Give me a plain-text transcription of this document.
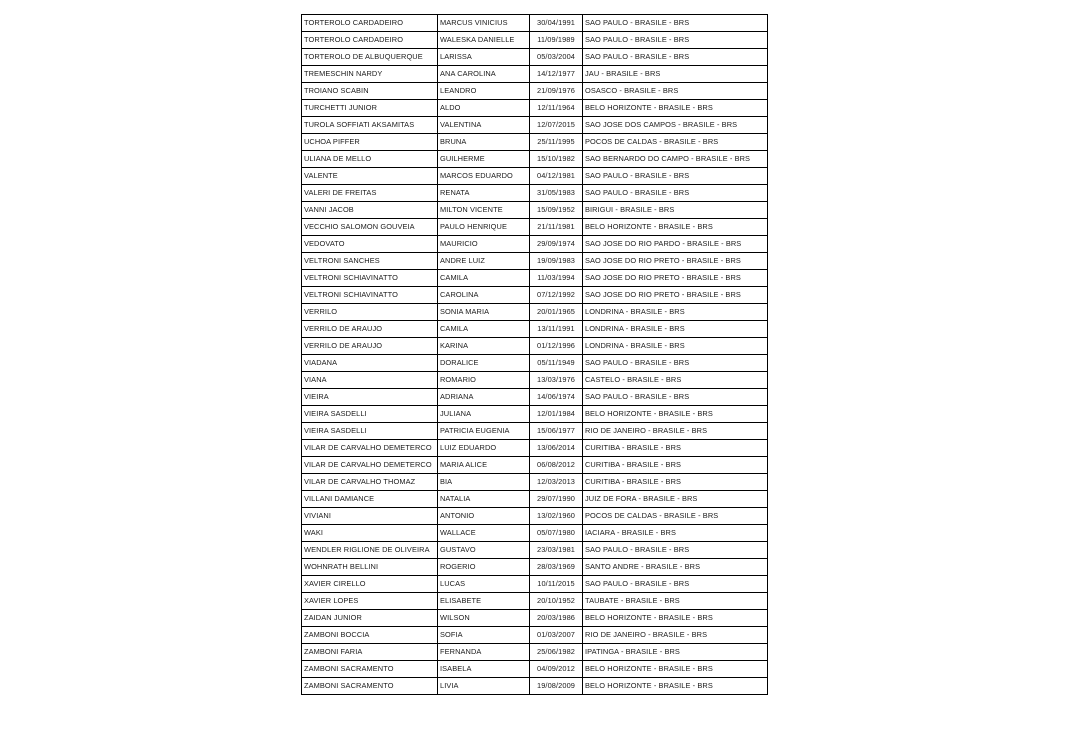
TORTEROLO CARDADEIRO	MARCUS VINICIUS	30/04/1991	SAO PAULO - BRASILE - BRS
TORTEROLO CARDADEIRO	WALESKA DANIELLE	11/09/1989	SAO PAULO - BRASILE - BRS
TORTEROLO DE ALBUQUERQUE	LARISSA	05/03/2004	SAO PAULO - BRASILE - BRS
TREMESCHIN NARDY	ANA CAROLINA	14/12/1977	JAU - BRASILE - BRS
TROIANO SCABIN	LEANDRO	21/09/1976	OSASCO - BRASILE - BRS
TURCHETTI JUNIOR	ALDO	12/11/1964	BELO HORIZONTE - BRASILE - BRS
TUROLA SOFFIATI AKSAMITAS	VALENTINA	12/07/2015	SAO JOSE DOS CAMPOS - BRASILE - BRS
UCHOA PIFFER	BRUNA	25/11/1995	POCOS DE CALDAS - BRASILE - BRS
ULIANA DE MELLO	GUILHERME	15/10/1982	SAO BERNARDO DO CAMPO - BRASILE - BRS
VALENTE	MARCOS EDUARDO	04/12/1981	SAO PAULO - BRASILE - BRS
VALERI DE FREITAS	RENATA	31/05/1983	SAO PAULO - BRASILE - BRS
VANNI JACOB	MILTON VICENTE	15/09/1952	BIRIGUI - BRASILE - BRS
VECCHIO SALOMON GOUVEIA	PAULO HENRIQUE	21/11/1981	BELO HORIZONTE - BRASILE - BRS
VEDOVATO	MAURICIO	29/09/1974	SAO JOSE DO RIO PARDO - BRASILE - BRS
VELTRONI SANCHES	ANDRE LUIZ	19/09/1983	SAO JOSE DO RIO PRETO - BRASILE - BRS
VELTRONI SCHIAVINATTO	CAMILA	11/03/1994	SAO JOSE DO RIO PRETO - BRASILE - BRS
VELTRONI SCHIAVINATTO	CAROLINA	07/12/1992	SAO JOSE DO RIO PRETO - BRASILE - BRS
VERRILO	SONIA MARIA	20/01/1965	LONDRINA - BRASILE - BRS
VERRILO DE ARAUJO	CAMILA	13/11/1991	LONDRINA - BRASILE - BRS
VERRILO DE ARAUJO	KARINA	01/12/1996	LONDRINA - BRASILE - BRS
VIADANA	DORALICE	05/11/1949	SAO PAULO - BRASILE - BRS
VIANA	ROMARIO	13/03/1976	CASTELO - BRASILE - BRS
VIEIRA	ADRIANA	14/06/1974	SAO PAULO - BRASILE - BRS
VIEIRA SASDELLI	JULIANA	12/01/1984	BELO HORIZONTE - BRASILE - BRS
VIEIRA SASDELLI	PATRICIA EUGENIA	15/06/1977	RIO DE JANEIRO - BRASILE - BRS
VILAR DE CARVALHO DEMETERCO	LUIZ EDUARDO	13/06/2014	CURITIBA - BRASILE - BRS
VILAR DE CARVALHO DEMETERCO	MARIA ALICE	06/08/2012	CURITIBA - BRASILE - BRS
VILAR DE CARVALHO THOMAZ	BIA	12/03/2013	CURITIBA - BRASILE - BRS
VILLANI DAMIANCE	NATALIA	29/07/1990	JUIZ DE FORA - BRASILE - BRS
VIVIANI	ANTONIO	13/02/1960	POCOS DE CALDAS - BRASILE - BRS
WAKI	WALLACE	05/07/1980	IACIARA - BRASILE - BRS
WENDLER RIGLIONE DE OLIVEIRA	GUSTAVO	23/03/1981	SAO PAULO - BRASILE - BRS
WOHNRATH BELLINI	ROGERIO	28/03/1969	SANTO ANDRE - BRASILE - BRS
XAVIER CIRELLO	LUCAS	10/11/2015	SAO PAULO - BRASILE - BRS
XAVIER LOPES	ELISABETE	20/10/1952	TAUBATE - BRASILE - BRS
ZAIDAN JUNIOR	WILSON	20/03/1986	BELO HORIZONTE - BRASILE - BRS
ZAMBONI BOCCIA	SOFIA	01/03/2007	RIO DE JANEIRO - BRASILE - BRS
ZAMBONI FARIA	FERNANDA	25/06/1982	IPATINGA - BRASILE - BRS
ZAMBONI SACRAMENTO	ISABELA	04/09/2012	BELO HORIZONTE - BRASILE - BRS
ZAMBONI SACRAMENTO	LIVIA	19/08/2009	BELO HORIZONTE - BRASILE - BRS
